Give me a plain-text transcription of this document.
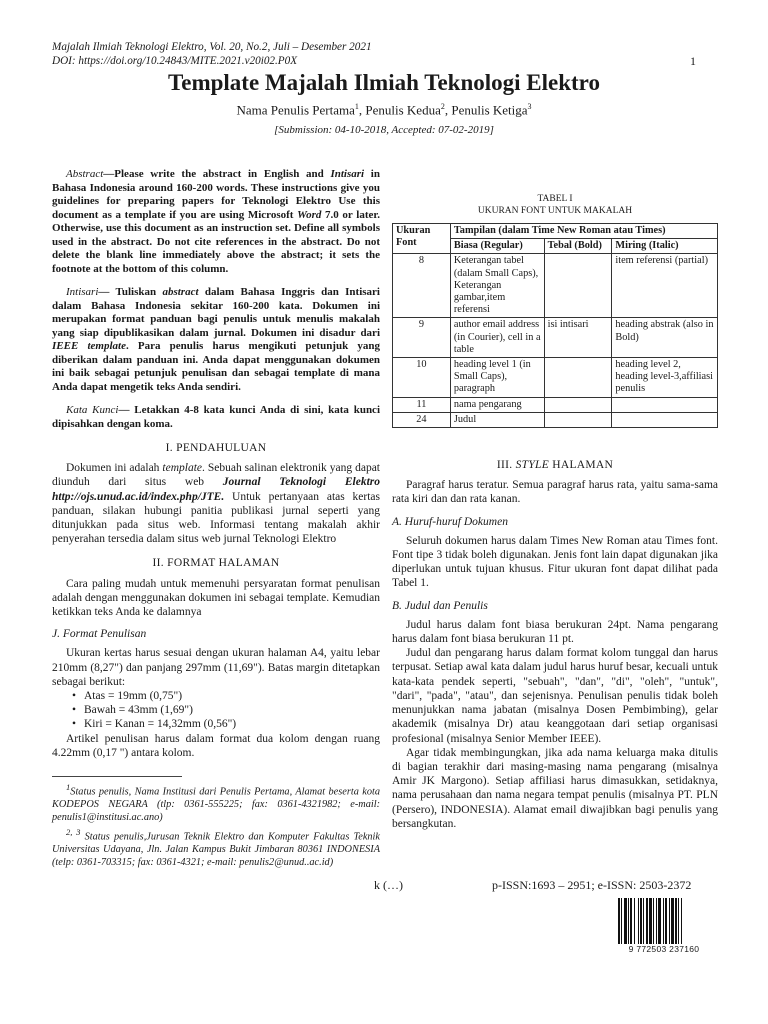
Majalah Ilmiah Teknologi Elektro, Vol. 20, No.2, Juli – Desember 2021
DOI: https://doi.org/10.24843/MITE.2021.v20i02.P0X	1
Template Majalah Ilmiah Teknologi Elektro
Nama Penulis Pertama$^1$, Penulis Kedua$^2$, Penulis Ketiga$^3$
[Submission: 04-10-2018, Accepted: 07-02-2019]

Abstract—Please write the abstract in English and Intisari in Bahasa Indonesia around 160-200 words. These instructions give you guidelines for preparing papers for Teknologi Elektro Use this document as a template if you are using Microsoft Word 7.0 or later. Otherwise, use this document as an instruction set. Define all symbols used in the abstract. Do not cite references in the abstract. Do not delete the blank line immediately above the abstract; it sets the footnote at the bottom of this column.

Intisari— Tuliskan abstract dalam Bahasa Inggris dan Intisari dalam Bahasa Indonesia sekitar 160-200 kata. Dokumen ini merupakan format panduan bagi penulis untuk menulis makalah yang siap dipublikasikan dalam jurnal. Dokumen ini disadur dari IEEE template. Para penulis harus mengikuti petunjuk yang diberikan dalam panduan ini. Anda dapat menggunakan dokumen ini baik sebagai petunjuk penulisan dan sebagai template di mana Anda dapat mengetik teks Anda sendiri.

Kata Kunci— Letakkan 4-8 kata kunci Anda di sini, kata kunci dipisahkan dengan koma.

I. PENDAHULUAN

Dokumen ini adalah template. Sebuah salinan elektronik yang dapat diunduh dari situs web Journal Teknologi Elektro http://ojs.unud.ac.id/index.php/JTE. Untuk pertanyaan atas kertas panduan, silakan hubungi panitia publikasi jurnal seperti yang ditunjukkan pada situs web. Informasi tentang makalah akhir penyerahan tersedia dalam situs web jurnal Teknologi Elektro

II. FORMAT HALAMAN

Cara paling mudah untuk memenuhi persyaratan format penulisan adalah dengan menggunakan dokumen ini sebagai template. Kemudian ketikkan teks Anda ke dalamnya

J. Format Penulisan

Ukuran kertas harus sesuai dengan ukuran halaman A4, yaitu lebar 210mm (8,27") dan panjang 297mm (11,69"). Batas margin ditetapkan sebagai berikut:

• Atas = 19mm (0,75")
• Bawah = 43mm (1,69")
• Kiri = Kanan = 14,32mm (0,56")

Artikel penulisan harus dalam format dua kolom dengan ruang 4.22mm (0,17 ") antara kolom.

$^1$Status penulis, Nama Institusi dari Penulis Pertama, Alamat beserta kota KODEPOS NEGARA (tlp: 0361-555225; fax: 0361-4321982; e-mail: penulis1@institusi.ac.ano)

$^{2, 3}$ Status penulis,Jurusan Teknik Elektro dan Komputer Fakultas Teknik Universitas Udayana, Jln. Jalan Kampus Bukit Jimbaran 80361 INDONESIA (telp: 0361-703315; fax: 0361-4321; e-mail: penulis2@unud..ac.id)

TABEL I
UKURAN FONT UNTUK MAKALAH
Ukuran Font	Tampilan (dalam Time New Roman atau Times)		
	Biasa (Regular)	Tebal (Bold)	Miring (Italic)
8	Keterangan tabel (dalam Small Caps), Keterangan gambar,item referensi		item referensi (partial)
9	author email address (in Courier), cell in a table	isi intisari	heading abstrak (also in Bold)
10	heading level 1 (in Small Caps), paragraph		heading level 2, heading level-3,affiliasi penulis
11	nama pengarang		
24	Judul		
III. STYLE HALAMAN

Paragraf harus teratur. Semua paragraf harus rata, yaitu sama-sama rata kiri dan dan rata kanan.

A. Huruf-huruf Dokumen

Seluruh dokumen harus dalam Times New Roman atau Times font. Font tipe 3 tidak boleh digunakan. Jenis font lain dapat digunakan jika diperlukan untuk tujuan khusus. Fitur ukuran font dapat dilihat pada Tabel 1.

B. Judul dan Penulis

Judul harus dalam font biasa berukuran 24pt. Nama pengarang harus dalam font biasa berukuran 11 pt.

Judul dan pengarang harus dalam format kolom tunggal dan harus terpusat. Setiap awal kata dalam judul harus huruf besar, kecuali untuk kata-kata pendek seperti, "sebuah", "dan", "di", "oleh", "untuk", "dari", "pada", "atau", dan sejenisnya. Penulisan penulis tidak boleh menunjukkan nama jabatan (misalnya Dosen Pembimbing), gelar akademik (misalnya Dr) atau keanggotaan dari setiap organisasi profesional (misalnya Senior Member IEEE).

Agar tidak membingungkan, jika ada nama keluarga maka ditulis di bagian terakhir dari masing-masing nama pengarang (misalnya Amir JK Margono). Setiap affiliasi harus dimasukkan, setidaknya, nama perusahaan dan nama negara tempat penulis (misalnya PT. PLN (Persero), INDONESIA). Alamat email diwajibkan bagi penulis yang bersangkutan.

k (…)	p-ISSN:1693 – 2951; e-ISSN: 2503-2372
9 772503 237160
